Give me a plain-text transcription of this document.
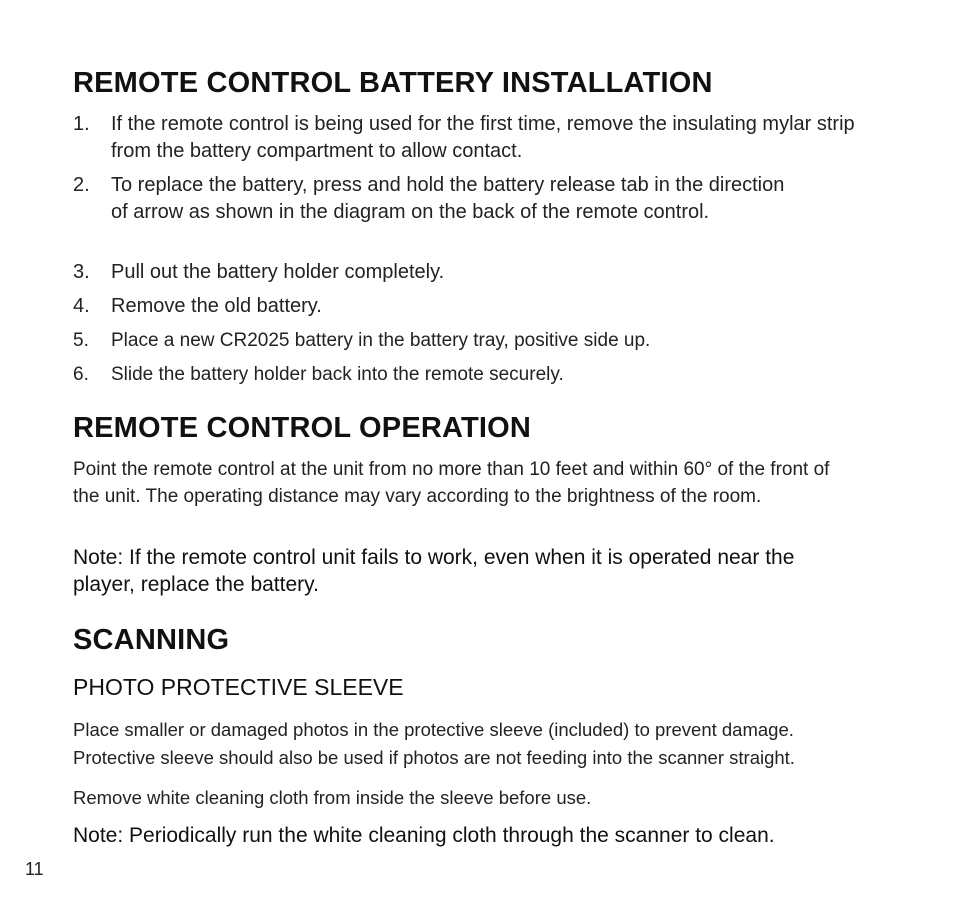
REMOTE CONTROL BATTERY INSTALLATION
1. If the remote control is being used for the first time, remove the insulating mylar strip from the battery compartment to allow contact.
2. To replace the battery, press and hold the battery release tab in the direction of arrow as shown in the diagram on the back of the remote control.
3. Pull out the battery holder completely.
4. Remove the old battery.
5. Place a new CR2025 battery in the battery tray, positive side up.
6. Slide the battery holder back into the remote securely.
REMOTE CONTROL OPERATION

Point the remote control at the unit from no more than 10 feet and within 60° of the front of the unit. The operating distance may vary according to the brightness of the room.

Note: If the remote control unit fails to work, even when it is operated near the player, replace the battery.

SCANNING
PHOTO PROTECTIVE SLEEVE

Place smaller or damaged photos in the protective sleeve (included) to prevent damage. Protective sleeve should also be used if photos are not feeding into the scanner straight.

Remove white cleaning cloth from inside the sleeve before use.

Note: Periodically run the white cleaning cloth through the scanner to clean.

11
